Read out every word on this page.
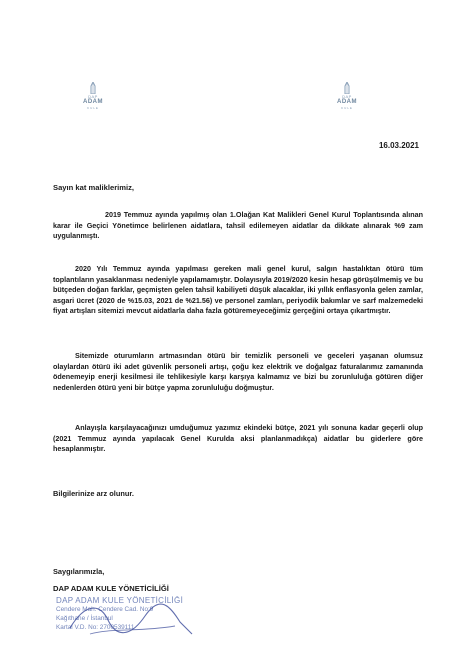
DAP
ADAM
KULE
DAP
ADAM
KULE
16.03.2021
Sayın kat maliklerimiz,

2019 Temmuz ayında yapılmış olan 1.Olağan Kat Malikleri Genel Kurul Toplantısında alınan karar ile Geçici Yönetimce belirlenen aidatlara, tahsil edilemeyen aidatlar da dikkate alınarak %9 zam uygulanmıştı.

2020 Yılı Temmuz ayında yapılması gereken mali genel kurul, salgın hastalıktan ötürü tüm toplantıların yasaklanması nedeniyle yapılamamıştır. Dolayısıyla 2019/2020 kesin hesap görüşülmemiş ve bu bütçeden doğan farklar, geçmişten gelen tahsil kabiliyeti düşük alacaklar, iki yıllık enflasyonla gelen zamlar, asgari ücret (2020 de %15.03, 2021 de %21.56) ve personel zamları, periyodik bakımlar ve sarf malzemedeki fiyat artışları sitemizi mevcut aidatlarla daha fazla götüremeyeceğimiz gerçeğini ortaya çıkartmıştır.

Sitemizde oturumların artmasından ötürü bir temizlik personeli ve geceleri yaşanan olumsuz olaylardan ötürü iki adet güvenlik personeli artışı, çoğu kez elektrik ve doğalgaz faturalarımız zamanında ödenemeyip enerji kesilmesi ile tehlikesiyle karşı karşıya kalmamız ve bizi bu zorunluluğa götüren diğer nedenlerden ötürü yeni bir bütçe yapma zorunluluğu doğmuştur.

Anlayışla karşılayacağınızı umduğumuz yazımız ekindeki bütçe, 2021 yılı sonuna kadar geçerli olup (2021 Temmuz ayında yapılacak Genel Kurulda aksi planlanmadıkça) aidatlar bu giderlere göre hesaplanmıştır.

Bilgilerinize arz olunur.
Saygılarımızla,
DAP ADAM KULE YÖNETİCİLİĞİ
DAP ADAM KULE YÖNETİCİLİĞİ
Cendere Mah. Cendere Cad. No:9
Kağıthane / İstanbul
Kartal V.D. No: 2700539111
